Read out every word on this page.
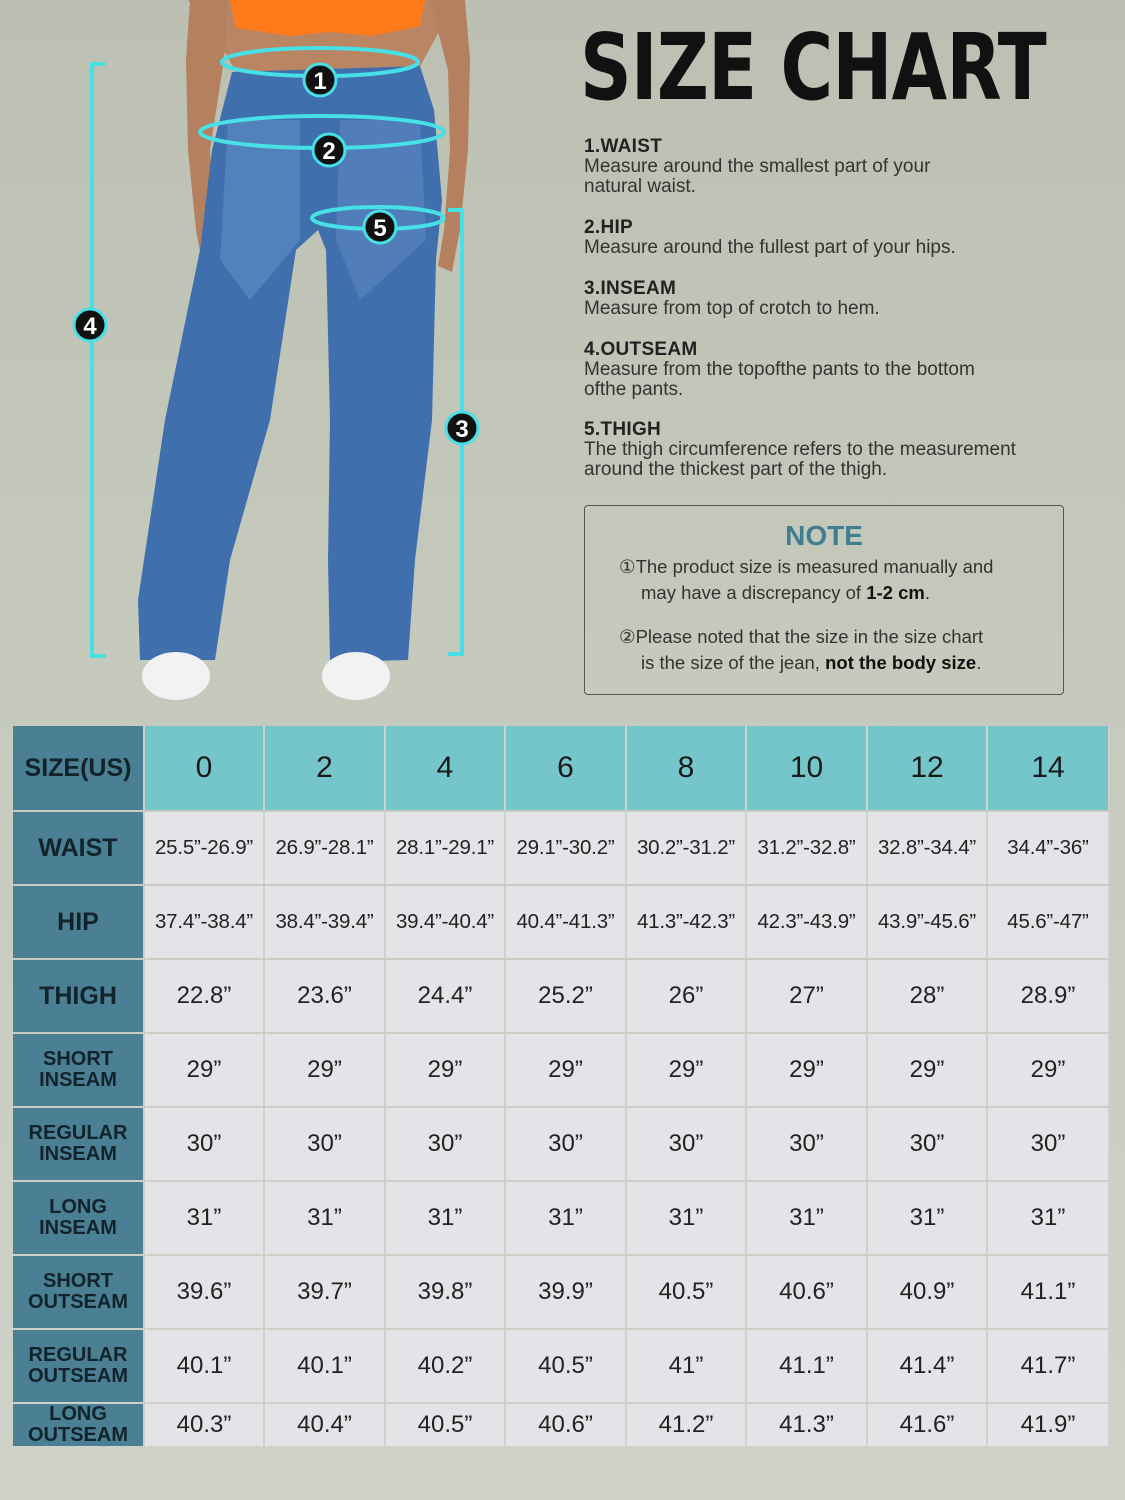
1
2
3
4
5
SIZE CHART
1.WAIST
Measure around the smallest part of your
natural waist.
2.HIP
Measure around the fullest part of your hips.
3.INSEAM
Measure from top of crotch to hem.
4.OUTSEAM
Measure from the topofthe pants to the bottom
ofthe pants.
5.THIGH
The thigh circumference refers to the measurement
around the thickest part of the thigh.
NOTE
①The product size is measured manually and
may have a discrepancy of 1-2 cm.
②Please noted that the size in the size chart
is the size of the jean, not the body size.
SIZE(US)	0	2	4	6	8	10	12	14
WAIST	25.5”-26.9”	26.9”-28.1”	28.1”-29.1”	29.1”-30.2”	30.2”-31.2”	31.2”-32.8”	32.8”-34.4”	34.4”-36”
HIP	37.4”-38.4”	38.4”-39.4”	39.4”-40.4”	40.4”-41.3”	41.3”-42.3”	42.3”-43.9”	43.9”-45.6”	45.6”-47”
THIGH	22.8”	23.6”	24.4”	25.2”	26”	27”	28”	28.9”
SHORT
INSEAM	29”	29”	29”	29”	29”	29”	29”	29”
REGULAR
INSEAM	30”	30”	30”	30”	30”	30”	30”	30”
LONG
INSEAM	31”	31”	31”	31”	31”	31”	31”	31”
SHORT
OUTSEAM	39.6”	39.7”	39.8”	39.9”	40.5”	40.6”	40.9”	41.1”
REGULAR
OUTSEAM	40.1”	40.1”	40.2”	40.5”	41”	41.1”	41.4”	41.7”
LONG
OUTSEAM	40.3”	40.4”	40.5”	40.6”	41.2”	41.3”	41.6”	41.9”
